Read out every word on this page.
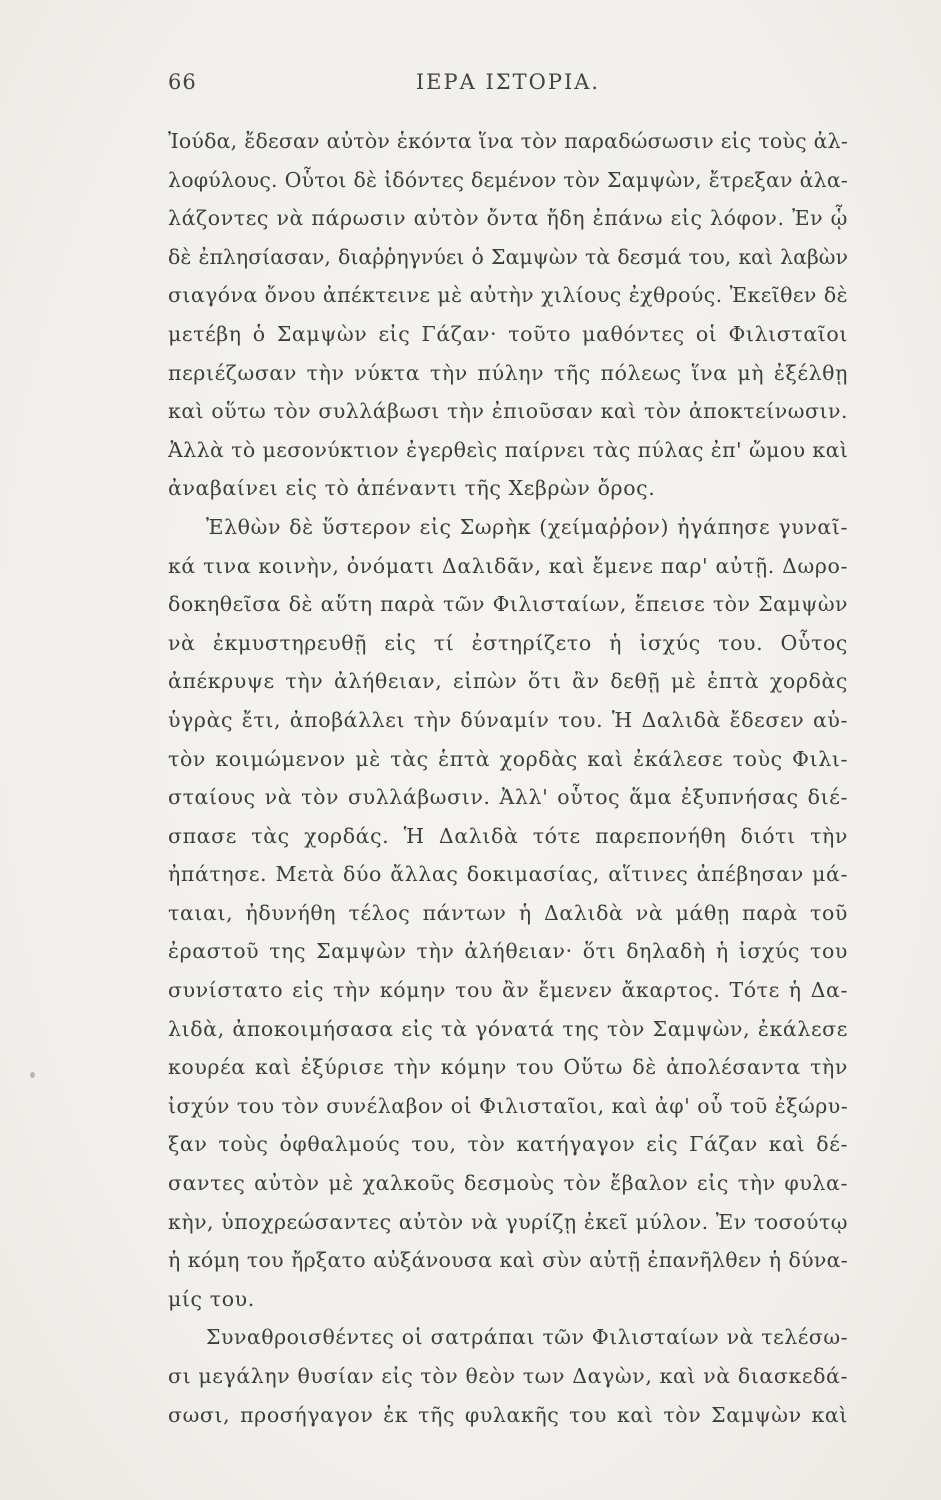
66	ΙΕΡΑ ΙΣΤΟΡΙΑ.
Ἰούδα, ἔδεσαν αὐτὸν ἑκόντα ἵνα τὸν παραδώσωσιν εἰς τοὺς ἀλ-
λοφύλους. Οὗτοι δὲ ἰδόντες δεμένον τὸν Σαμψὼν, ἔτρεξαν ἀλα-
λάζοντες νὰ πάρωσιν αὐτὸν ὄντα ἤδη ἐπάνω εἰς λόφον. Ἐν ᾧ
δὲ ἐπλησίασαν, διαῤῥηγνύει ὁ Σαμψὼν τὰ δεσμά του, καὶ λαβὼν
σιαγόνα ὄνου ἀπέκτεινε μὲ αὐτὴν χιλίους ἐχθρούς. Ἐκεῖθεν δὲ
μετέβη ὁ Σαμψὼν εἰς Γάζαν· τοῦτο μαθόντες οἱ Φιλισταῖοι
περιέζωσαν τὴν νύκτα τὴν πύλην τῆς πόλεως ἵνα μὴ ἐξέλθῃ
καὶ οὕτω τὸν συλλάβωσι τὴν ἐπιοῦσαν καὶ τὸν ἀποκτείνωσιν.
Ἀλλὰ τὸ μεσονύκτιον ἐγερθεὶς παίρνει τὰς πύλας ἐπ' ὤμου καὶ
ἀναβαίνει εἰς τὸ ἀπέναντι τῆς Χεβρὼν ὄρος.
Ἐλθὼν δὲ ὕστερον εἰς Σωρὴκ (χείμαῤῥον) ἠγάπησε γυναῖ-
κά τινα κοινὴν, ὀνόματι Δαλιδᾶν, καὶ ἔμενε παρ' αὐτῇ. Δωρο-
δοκηθεῖσα δὲ αὕτη παρὰ τῶν Φιλισταίων, ἔπεισε τὸν Σαμψὼν
νὰ ἐκμυστηρευθῇ εἰς τί ἐστηρίζετο ἡ ἰσχύς του. Οὗτος
ἀπέκρυψε τὴν ἀλήθειαν, εἰπὼν ὅτι ἂν δεθῇ μὲ ἑπτὰ χορδὰς
ὑγρὰς ἔτι, ἀποβάλλει τὴν δύναμίν του. Ἡ Δαλιδὰ ἔδεσεν αὐ-
τὸν κοιμώμενον μὲ τὰς ἑπτὰ χορδὰς καὶ ἐκάλεσε τοὺς Φιλι-
σταίους νὰ τὸν συλλάβωσιν. Ἀλλ' οὗτος ἅμα ἐξυπνήσας διέ-
σπασε τὰς χορδάς. Ἡ Δαλιδὰ τότε παρεπονήθη διότι τὴν
ἠπάτησε. Μετὰ δύο ἄλλας δοκιμασίας, αἵτινες ἀπέβησαν μά-
ταιαι, ἠδυνήθη τέλος πάντων ἡ Δαλιδὰ νὰ μάθῃ παρὰ τοῦ
ἐραστοῦ της Σαμψὼν τὴν ἀλήθειαν· ὅτι δηλαδὴ ἡ ἰσχύς του
συνίστατο εἰς τὴν κόμην του ἂν ἔμενεν ἄκαρτος. Τότε ἡ Δα-
λιδὰ, ἀποκοιμήσασα εἰς τὰ γόνατά της τὸν Σαμψὼν, ἐκάλεσε
κουρέα καὶ ἐξύρισε τὴν κόμην του Οὕτω δὲ ἀπολέσαντα τὴν
ἰσχύν του τὸν συνέλαβον οἱ Φιλισταῖοι, καὶ ἀφ' οὗ τοῦ ἐξώρυ-
ξαν τοὺς ὀφθαλμούς του, τὸν κατήγαγον εἰς Γάζαν καὶ δέ-
σαντες αὐτὸν μὲ χαλκοῦς δεσμοὺς τὸν ἔβαλον εἰς τὴν φυλα-
κὴν, ὑποχρεώσαντες αὐτὸν νὰ γυρίζῃ ἐκεῖ μύλον. Ἐν τοσούτῳ
ἡ κόμη του ἤρξατο αὐξάνουσα καὶ σὺν αὐτῇ ἐπανῆλθεν ἡ δύνα-
μίς του.
Συναθροισθέντες οἱ σατράπαι τῶν Φιλισταίων νὰ τελέσω-
σι μεγάλην θυσίαν εἰς τὸν θεὸν των Δαγὼν, καὶ νὰ διασκεδά-
σωσι, προσήγαγον ἐκ τῆς φυλακῆς του καὶ τὸν Σαμψὼν καὶ
